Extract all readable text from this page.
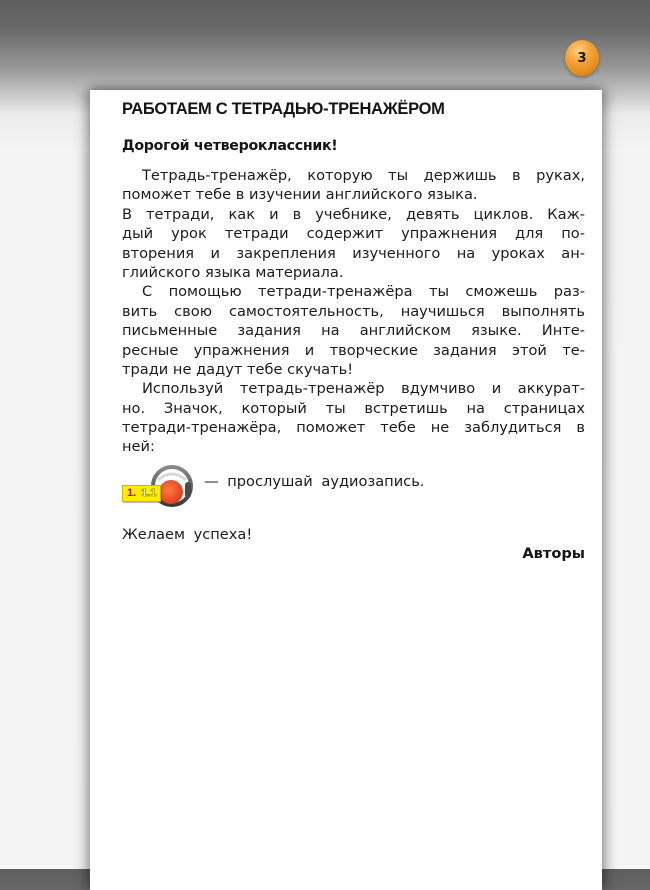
3
РАБОТАЕМ С ТЕТРАДЬЮ-ТРЕНАЖЁРОМ
Дорогой четвероклассник!
Тетрадь-тренажёр, которую ты держишь в руках,
поможет тебе в изучении английского языка.
В тетради, как и в учебнике, девять циклов. Каж-
дый урок тетради содержит упражнения для по-
вторения и закрепления изученного на уроках ан-
глийского языка материала.
С помощью тетради-тренажёра ты сможешь раз-
вить свою самостоятельность, научишься выполнять
письменные задания на английском языке. Инте-
ресные упражнения и творческие задания этой те-
тради не дадут тебе скучать!
Используй тетрадь-тренажёр вдумчиво и аккурат-
но. Значок, который ты встретишь на страницах
тетради-тренажёра, поможет тебе не заблудиться в
ней:
1. 1.1
— прослушай аудиозапись.
Желаем успеха!
Авторы
